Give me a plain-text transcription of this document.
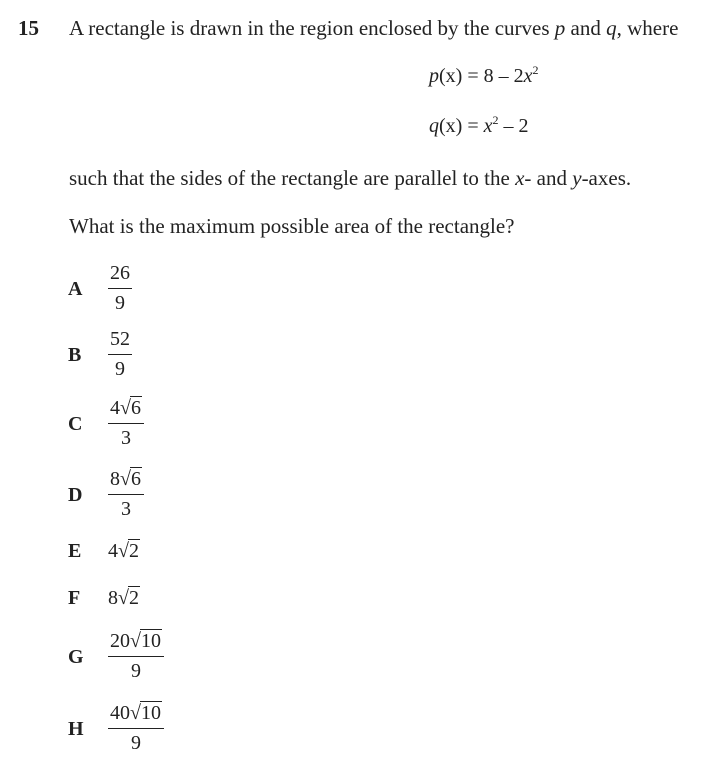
15 A rectangle is drawn in the region enclosed by the curves p and q, where
$p(x) = 8 - 2x^2$
$q(x) = x^2 - 2$
such that the sides of the rectangle are parallel to the x- and y-axes.
What is the maximum possible area of the rectangle?
A $\frac{26}{9}$
B $\frac{52}{9}$
C $\frac{4√6}{3}$
D $\frac{8√6}{3}$
E 4√2
F 8√2
G $\frac{20√10}{9}$
H $\frac{40√10}{9}$
